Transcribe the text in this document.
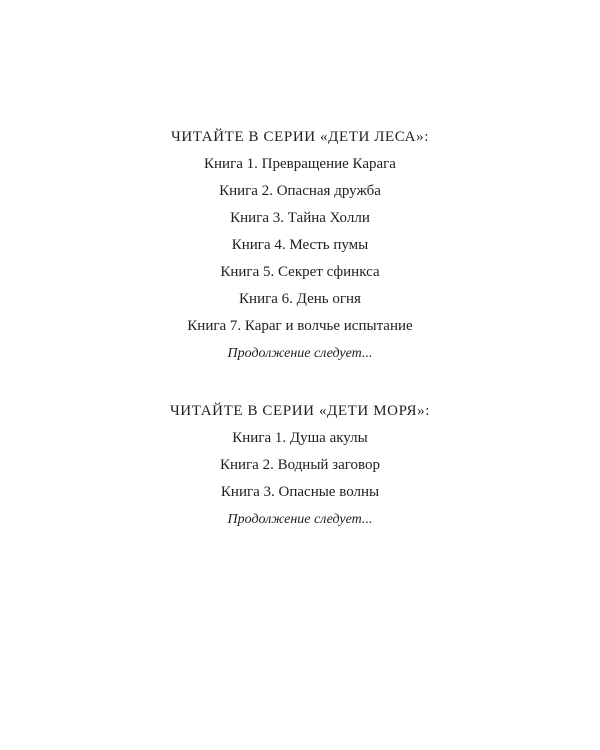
ЧИТАЙТЕ В СЕРИИ «ДЕТИ ЛЕСА»:
Книга 1. Превращение Карага
Книга 2. Опасная дружба
Книга 3. Тайна Холли
Книга 4. Месть пумы
Книга 5. Секрет сфинкса
Книга 6. День огня
Книга 7. Караг и волчье испытание

Продолжение следует...

ЧИТАЙТЕ В СЕРИИ «ДЕТИ МОРЯ»:
Книга 1. Душа акулы
Книга 2. Водный заговор
Книга 3. Опасные волны

Продолжение следует...
